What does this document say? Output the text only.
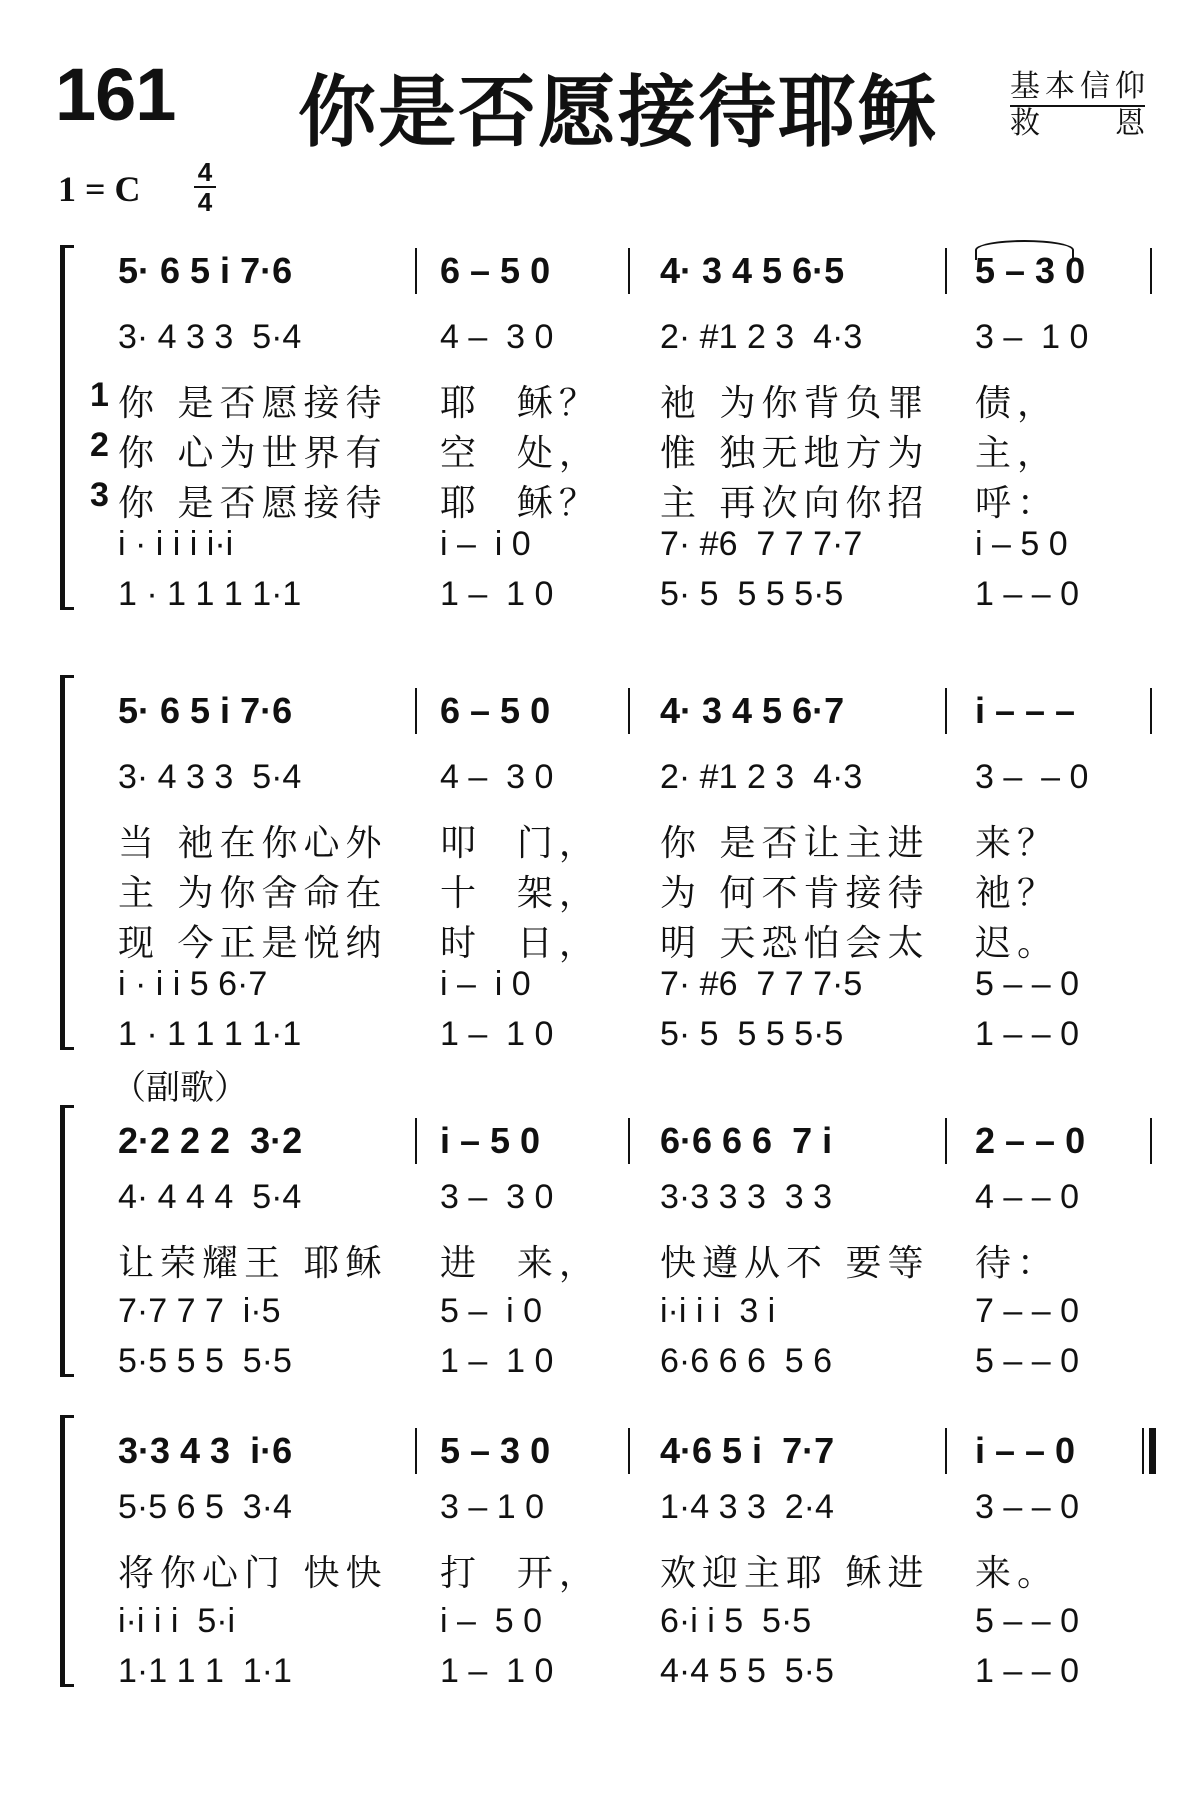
161 你是否愿接待耶稣 基本信仰
救恩
1 = C 4
4
（副歌）
5· 6 5 i 7·6	6 – 5 0	4· 3 4 5 6·5	5 – 3 0
3· 4 3 3  5·4	4 –  3 0	2· #1 2 3  4·3	3 –  1 0
1 你 是否愿接待 耶  稣？ 祂 为你背负罪 债，
2 你 心为世界有 空  处， 惟 独无地方为 主，
3 你 是否愿接待 耶  稣？ 主 再次向你招 呼：
i · i i i i·i	i –  i 0	7· #6  7 7 7·7	i – 5 0
1 · 1 1 1 1·1	1 –  1 0	5· 5  5 5 5·5	1 – – 0
5· 6 5 i 7·6	6 – 5 0	4· 3 4 5 6·7	i – – –
3· 4 3 3  5·4	4 –  3 0	2· #1 2 3  4·3	3 –  – 0
当 祂在你心外 叩  门， 你 是否让主进 来？
主 为你舍命在 十  架， 为 何不肯接待 祂？
现 今正是悦纳 时  日， 明 天恐怕会太 迟。
i · i i 5 6·7	i –  i 0	7· #6  7 7 7·5	5 – – 0
1 · 1 1 1 1·1	1 –  1 0	5· 5  5 5 5·5	1 – – 0
2·2 2 2  3·2	i – 5 0	6·6 6 6  7 i	2 – – 0
4· 4 4 4  5·4	3 –  3 0	3·3 3 3  3 3	4 – – 0
让荣耀王 耶稣 进  来， 快遵从不 要等 待：
7·7 7 7  i·5	5 –  i 0	i·i i i  3 i	7 – – 0
5·5 5 5  5·5	1 –  1 0	6·6 6 6  5 6	5 – – 0
3·3 4 3  i·6	5 – 3 0	4·6 5 i  7·7	i – – 0
5·5 6 5  3·4	3 – 1 0	1·4 3 3  2·4	3 – – 0
将你心门 快快 打  开， 欢迎主耶 稣进 来。
i·i i i  5·i	i –  5 0	6·i i 5  5·5	5 – – 0
1·1 1 1  1·1	1 –  1 0	4·4 5 5  5·5	1 – – 0
